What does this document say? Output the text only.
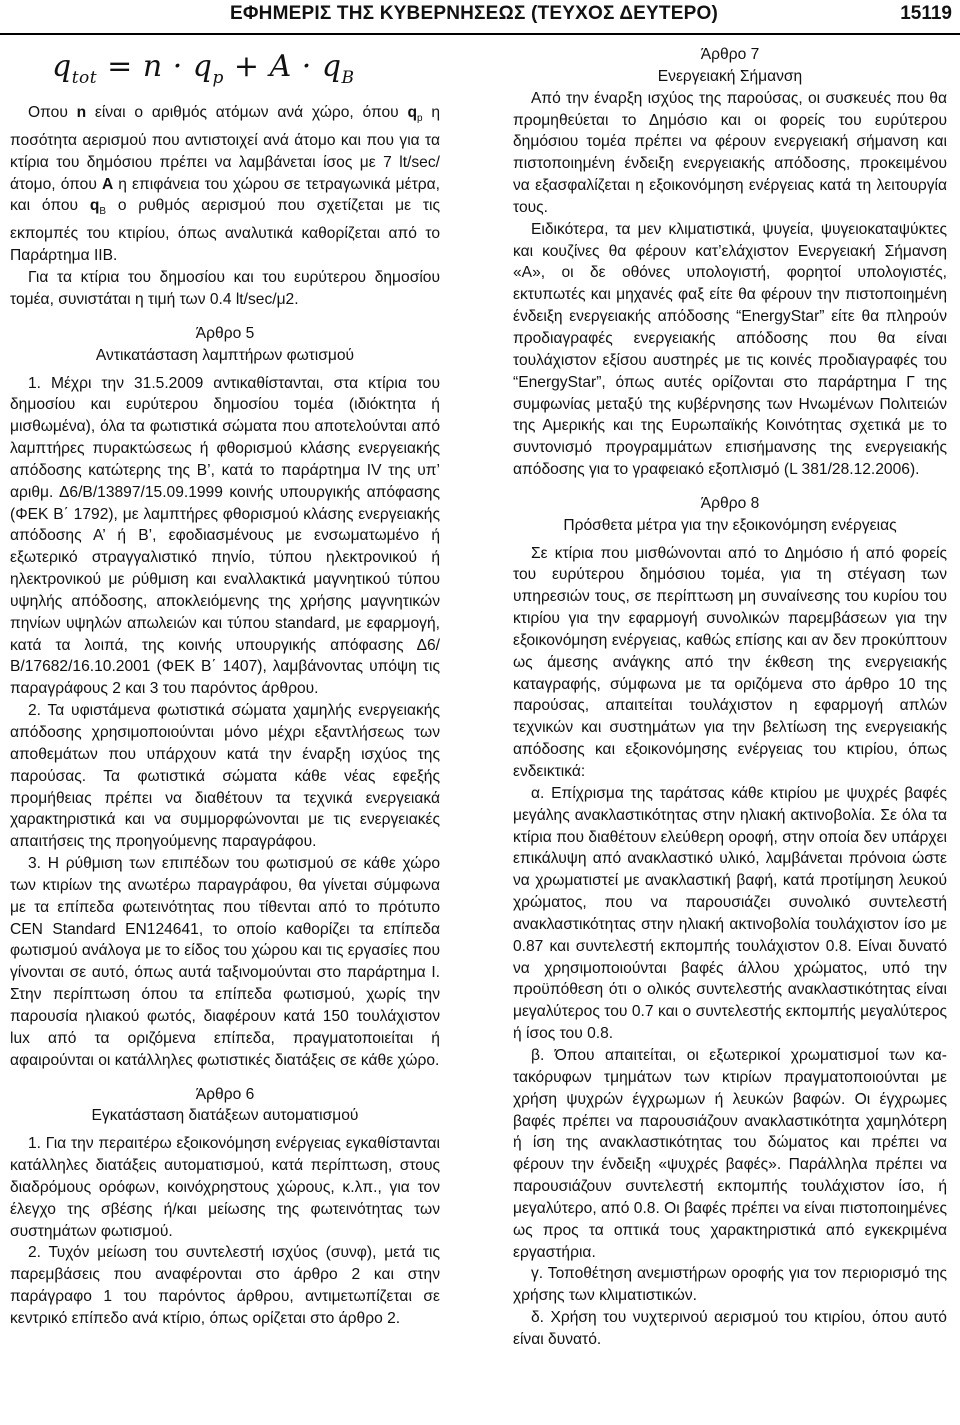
ΕΦΗΜΕΡΙΣ ΤΗΣ ΚΥΒΕΡΝΗΣΕΩΣ (ΤΕΥΧΟΣ ΔΕΥΤΕΡΟ)	15119
$q_{tot} = n \cdot q_p + A \cdot q_B$

Οπου n είναι ο αριθμός ατόμων ανά χώρο, όπου $q_p$ η ποσότητα αερισμού που αντιστοιχεί ανά άτομο και που για τα κτίρια του δημόσιου πρέπει να λαμβάνεται ίσος με 7 lt/sec/άτομο, όπου A η επιφάνεια του χώρου σε τετραγωνικά μέτρα, και όπου $q_B$ ο ρυθμός αερισμού που σχετίζεται με τις εκπομπές του κτιρίου, όπως αναλυτικά καθορίζεται από το Παράρτημα ΙΙΒ.

Για τα κτίρια του δημοσίου και του ευρύτερου δημοσίου τομέα, συνιστάται η τιμή των 0.4 lt/sec/μ2.

Άρθρο 5

Αντικατάσταση λαμπτήρων φωτισμού

1. Μέχρι την 31.5.2009 αντικαθίστανται, στα κτίρια του δημοσίου και ευρύτερου δημοσίου τομέα (ιδιόκτητα ή μισθωμένα), όλα τα φωτιστικά σώματα που αποτελούνται από λαμπτήρες πυρακτώσεως ή φθορισμού κλάσης ενεργειακής απόδοσης κατώτερης της Β’, κατά το παράρτημα ΙV της υπ’ αριθμ. Δ6/Β/13897/15.09.1999 κοινής υπουργικής απόφασης (ΦΕΚ Β΄ 1792), με λαμπτήρες φθορισμού κλάσης ενεργειακής απόδοσης Α’ ή Β’, εφοδιασμένους με ενσωματωμένο ή εξωτερικό στραγγαλιστικό πηνίο, τύπου ηλεκτρονικού ή ηλεκτρονικού με ρύθμιση και εναλλακτικά μαγνητικού τύπου υψηλής απόδοσης, αποκλειόμενης της χρήσης μαγνητικών πηνίων υψηλών απωλειών και τύπου standard, με εφαρμογή, κατά τα λοιπά, της κοινής υπουργικής απόφασης Δ6/Β/17682/16.10.2001 (ΦΕΚ Β΄ 1407), λαμβάνοντας υπόψη τις παραγράφους 2 και 3 του παρόντος άρθρου.

2. Τα υφιστάμενα φωτιστικά σώματα χαμηλής ενεργειακής απόδοσης χρησιμοποιούνται μόνο μέχρι εξαντλήσεως των αποθεμάτων που υπάρχουν κατά την έναρξη ισχύος της παρούσας. Τα φωτιστικά σώματα κάθε νέας εφεξής προμήθειας πρέπει να διαθέτουν τα τεχνικά ενεργειακά χαρακτηριστικά και να συμμορφώνονται με τις ενεργειακές απαιτήσεις της προηγούμενης παραγράφου.

3. Η ρύθμιση των επιπέδων του φωτισμού σε κάθε χώρο των κτιρίων της ανωτέρω παραγράφου, θα γίνεται σύμφωνα με τα επίπεδα φωτεινότητας που τίθενται από το πρότυπο CEN Standard EN124641, το οποίο καθορίζει τα επίπεδα φωτισμού ανάλογα με το είδος του χώρου και τις εργασίες που γίνονται σε αυτό, όπως αυτά ταξινομούνται στο παράρτημα Ι. Στην περίπτωση όπου τα επίπεδα φωτισμού, χωρίς την παρουσία ηλιακού φωτός, διαφέρουν κατά 150 τουλάχιστον lux από τα οριζόμενα επίπεδα, πραγματοποιείται ή αφαιρούνται οι κατάλληλες φωτιστικές διατάξεις σε κάθε χώρο.

Άρθρο 6

Εγκατάσταση διατάξεων αυτοματισμού

1. Για την περαιτέρω εξοικονόμηση ενέργειας εγκαθίστανται κατάλληλες διατάξεις αυτοματισμού, κατά περίπτωση, στους διαδρόμους ορόφων, κοινόχρηστους χώρους, κ.λπ., για τον έλεγχο της σβέσης ή/και μείωσης της φωτεινότητας των συστημάτων φωτισμού.

2. Τυχόν μείωση του συντελεστή ισχύος (συνφ), μετά τις παρεμβάσεις που αναφέρονται στο άρθρο 2 και στην παράγραφο 1 του παρόντος άρθρου, αντιμετωπίζεται σε κεντρικό επίπεδο ανά κτίριο, όπως ορίζεται στο άρθρο 2.

Άρθρο 7

Ενεργειακή Σήμανση

Από την έναρξη ισχύος της παρούσας, οι συσκευές που θα προμηθεύεται το Δημόσιο και οι φορείς του ευρύτερου δημόσιου τομέα πρέπει να φέρουν ενεργειακή σήμανση και πιστοποιημένη ένδειξη ενεργειακής απόδοσης, προκειμένου να εξασφαλίζεται η εξοικονόμηση ενέργειας κατά τη λειτουργία τους.

Ειδικότερα, τα μεν κλιματιστικά, ψυγεία, ψυγειοκαταψύκτες και κουζίνες θα φέρουν κατ’ελάχιστον Ενεργειακή Σήμανση «Α», οι δε οθόνες υπολογιστή, φορητοί υπολογιστές, εκτυπωτές και μηχανές φαξ είτε θα φέρουν την πιστοποιημένη ένδειξη ενεργειακής απόδοσης “EnergyStar” είτε θα πληρούν προδιαγραφές ενεργειακής απόδοσης που θα είναι τουλάχιστον εξίσου αυστηρές με τις κοινές προδιαγραφές του “EnergyStar”, όπως αυτές ορίζονται στο παράρτημα Γ της συμφωνίας μεταξύ της κυβέρνησης των Ηνωμένων Πολιτειών της Αμερικής και της Ευρωπαϊκής Κοινότητας σχετικά με το συντονισμό προγραμμάτων επισήμανσης της ενεργειακής απόδοσης για το γραφειακό εξοπλισμό (L 381/28.12.2006).

Άρθρο 8

Πρόσθετα μέτρα για την εξοικονόμηση ενέργειας

Σε κτίρια που μισθώνονται από το Δημόσιο ή από φορείς του ευρύτερου δημόσιου τομέα, για τη στέγαση των υπηρεσιών τους, σε περίπτωση μη συναίνεσης του κυρίου του κτιρίου για την εφαρμογή συνολικών παρεμβάσεων για την εξοικονόμηση ενέργειας, καθώς επίσης και αν δεν προκύπτουν ως άμεσης ανάγκης από την έκθεση της ενεργειακής καταγραφής, σύμφωνα με τα οριζόμενα στο άρθρο 10 της παρούσας, απαιτείται τουλάχιστον η εφαρμογή απλών τεχνικών και συστημάτων για την βελτίωση της ενεργειακής απόδοσης και εξοικονόμησης ενέργειας του κτιρίου, όπως ενδεικτικά:

α. Επίχρισμα της ταράτσας κάθε κτιρίου με ψυχρές βαφές μεγάλης ανακλαστικότητας στην ηλιακή ακτινοβολία. Σε όλα τα κτίρια που διαθέτουν ελεύθερη οροφή, στην οποία δεν υπάρχει επικάλυψη από ανακλαστικό υλικό, λαμβάνεται πρόνοια ώστε να χρωματιστεί με ανακλαστική βαφή, κατά προτίμηση λευκού χρώματος, που να παρουσιάζει συνολικό συντελεστή ανακλαστικότητας στην ηλιακή ακτινοβολία τουλάχιστον ίσο με 0.87 και συντελεστή εκπομπής τουλάχιστον 0.8. Είναι δυνατό να χρησιμοποιούνται βαφές άλλου χρώματος, υπό την προϋπόθεση ότι ο ολικός συντελεστής ανακλαστικότητας είναι μεγαλύτερος του 0.7 και ο συντελεστής εκπομπής μεγαλύτερος ή ίσος του 0.8.

β. Όπου απαιτείται, οι εξωτερικοί χρωματισμοί των κατακόρυφων τμημάτων των κτιρίων πραγματοποιούνται με χρήση ψυχρών έγχρωμων ή λευκών βαφών. Οι έγχρωμες βαφές πρέπει να παρουσιάζουν ανακλαστικότητα χαμηλότερη ή ίση της ανακλαστικότητας του δώματος και πρέπει να φέρουν την ένδειξη «ψυχρές βαφές». Παράλληλα πρέπει να παρουσιάζουν συντελεστή εκπομπής τουλάχιστον ίσο, ή μεγαλύτερο, από 0.8. Οι βαφές πρέπει να είναι πιστοποιημένες ως προς τα οπτικά τους χαρακτηριστικά από εγκεκριμένα εργαστήρια.

γ. Τοποθέτηση ανεμιστήρων οροφής για τον περιορισμό της χρήσης των κλιματιστικών.

δ. Χρήση του νυχτερινού αερισμού του κτιρίου, όπου αυτό είναι δυνατό.
